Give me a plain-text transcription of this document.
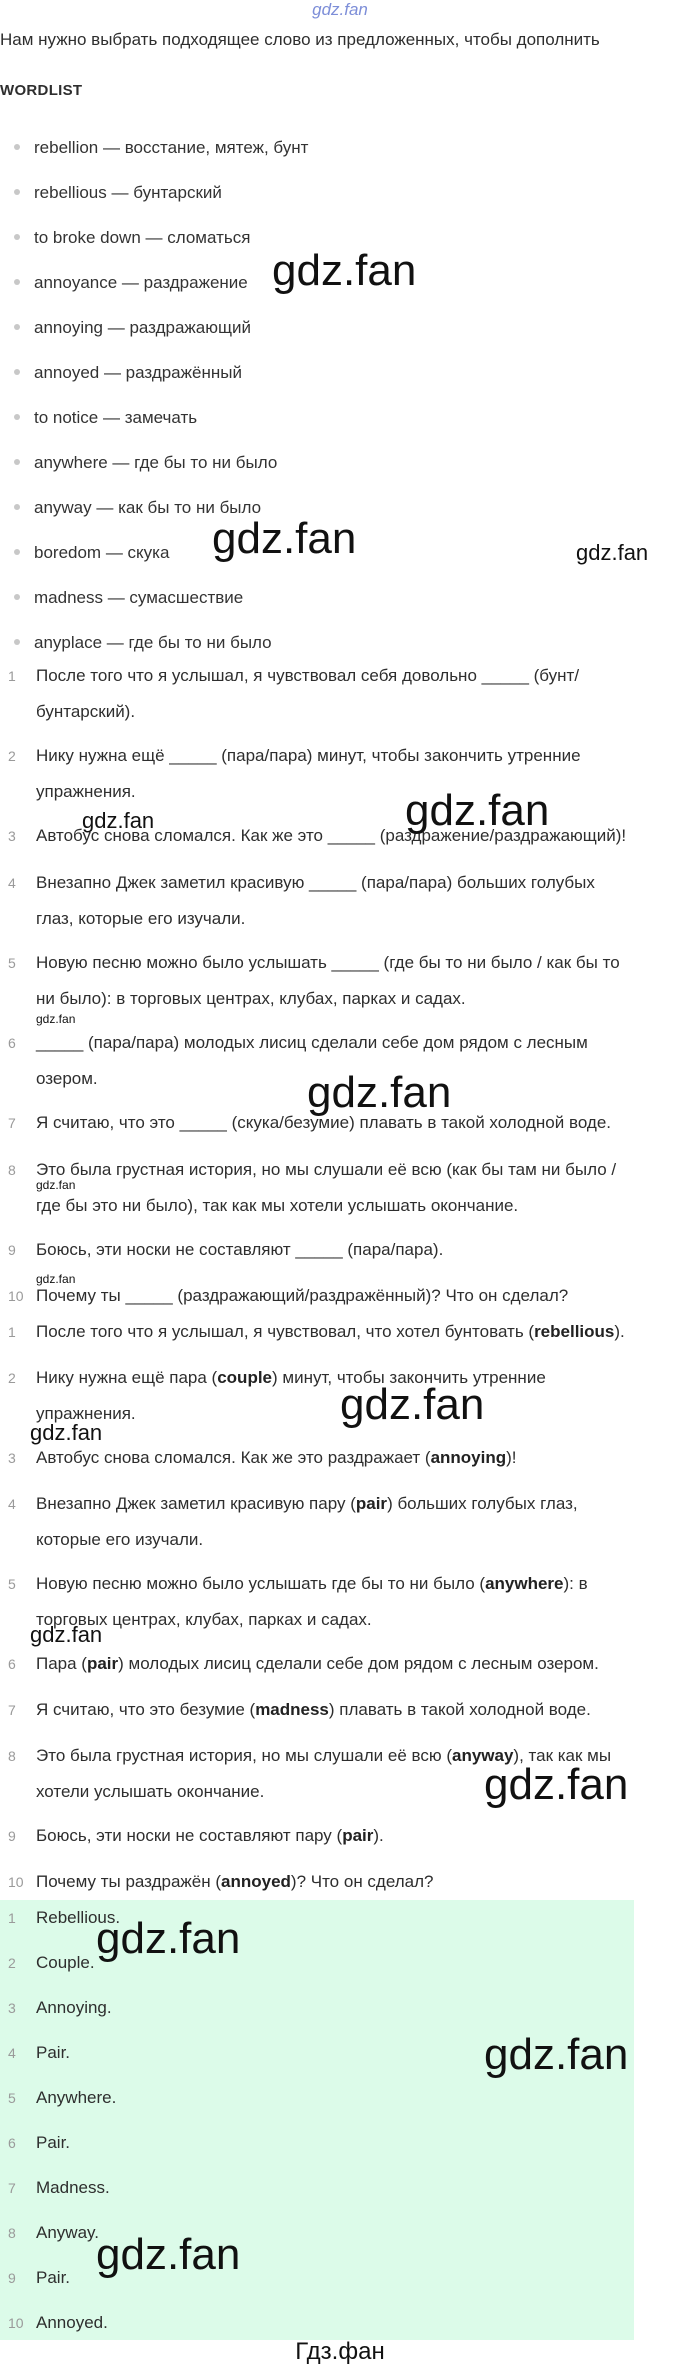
gdz.fan
Нам нужно выбрать подходящее слово из предложенных, чтобы дополнить
WORDLIST
rebellion — восстание, мятеж, бунт
rebellious — бунтарский
to broke down — сломаться
annoyance — раздражение
annoying — раздражающий
annoyed — раздражённый
to notice — замечать
anywhere — где бы то ни было
anyway — как бы то ни было
boredom — скука
madness — сумасшествие
anyplace — где бы то ни было
1	После того что я услышал, я чувствовал себя довольно _____ (бунт/
бунтарский).
2	Нику нужна ещё _____ (пара/пара) минут, чтобы закончить утренние
упражнения.
3	Автобус снова сломался. Как же это _____ (раздражение/раздражающий)!
4	Внезапно Джек заметил красивую _____ (пара/пара) больших голубых
глаз, которые его изучали.
5	Новую песню можно было услышать _____ (где бы то ни было / как бы то
ни было): в торговых центрах, клубах, парках и садах.
6	_____ (пара/пара) молодых лисиц сделали себе дом рядом с лесным
озером.
7	Я считаю, что это _____ (скука/безумие) плавать в такой холодной воде.
8	Это была грустная история, но мы слушали её всю (как бы там ни было /
где бы это ни было), так как мы хотели услышать окончание.
9	Боюсь, эти носки не составляют _____ (пара/пара).
10 Почему ты _____ (раздражающий/раздражённый)? Что он сделал?
1	После того что я услышал, я чувствовал, что хотел бунтовать (rebellious).
2	Нику нужна ещё пара (couple) минут, чтобы закончить утренние
упражнения.
3	Автобус снова сломался. Как же это раздражает (annoying)!
4	Внезапно Джек заметил красивую пару (pair) больших голубых глаз,
которые его изучали.
5	Новую песню можно было услышать где бы то ни было (anywhere): в
торговых центрах, клубах, парках и садах.
6	Пара (pair) молодых лисиц сделали себе дом рядом с лесным озером.
7	Я считаю, что это безумие (madness) плавать в такой холодной воде.
8	Это была грустная история, но мы слушали её всю (anyway), так как мы
хотели услышать окончание.
9	Боюсь, эти носки не составляют пару (pair).
10 Почему ты раздражён (annoyed)? Что он сделал?
1	Rebellious.
2	Couple.
3	Annoying.
4	Pair.
5	Anywhere.
6	Pair.
7	Madness.
8	Anyway.
9	Pair.
10 Annoyed.
gdz.fan
gdz.fan	gdz.fan
gdz.fan
gdz.fan
gdz.fan
gdz.fan
gdz.fan
gdz.fan
gdz.fan
gdz.fan
gdz.fan
gdz.fan
gdz.fan
gdz.fan
gdz.fan
Гдз.фан
